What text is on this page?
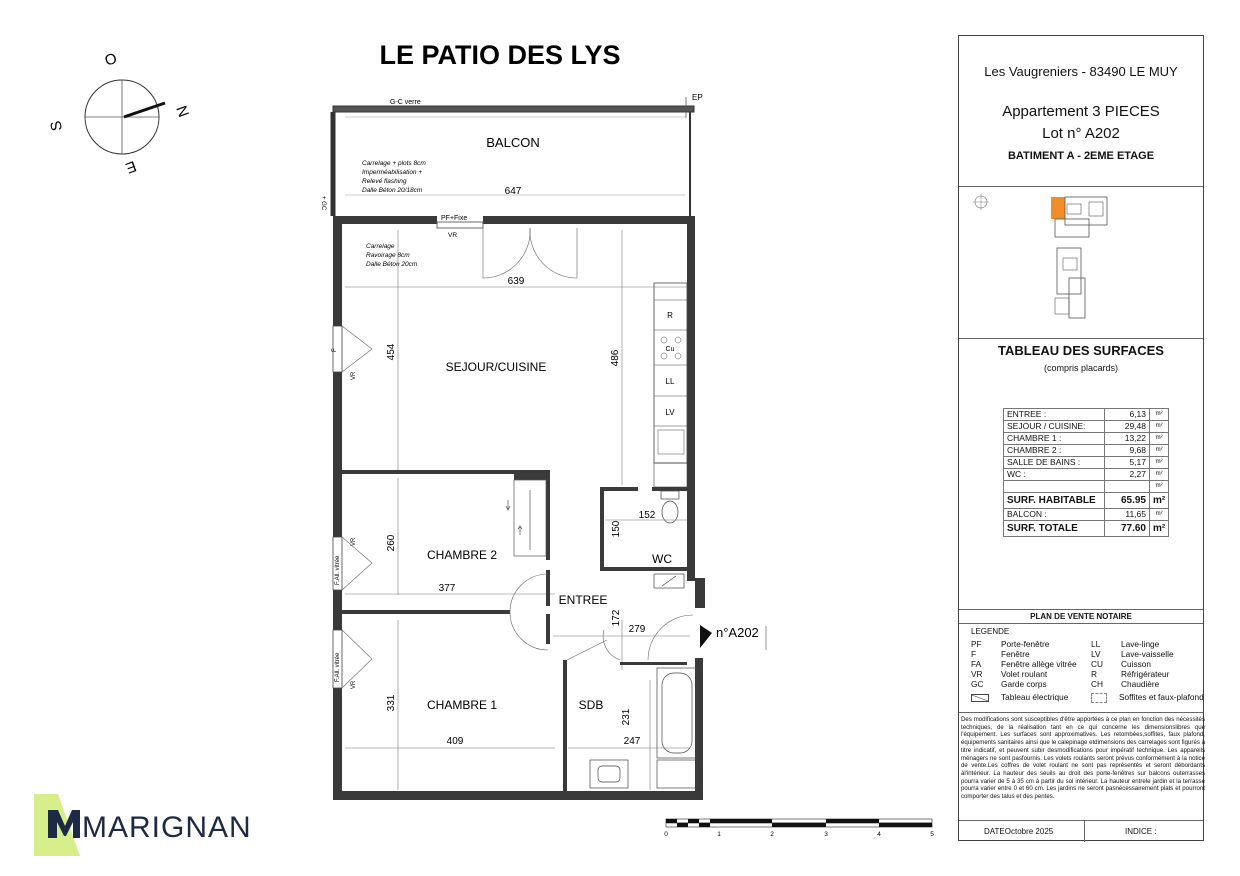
LE PATIO DES LYS
O
N
S
E
G-C verre
EP
BALCON
Carrelage + plots 8cm
Imperméabilisation +
Relevé flashing
Dalle Béton 20/18cm	647
+ GC
F
F.All. vitrée
F.All. vitrée
VR
VR
VR
PF+Fixe
VR
Carrelage
Ravoirage 8cm
Dalle Béton 20cm
R
Cu
LL
LV
SEJOUR/CUISINE
CHAMBRE 2
CHAMBRE 1
ENTREE
WC
SDB
639
454	486
260
377
331
409
152
150
172
279
231
247
n°A202
0	1	2	3	4	5
MARIGNAN
Les Vaugreniers - 83490 LE MUY
Appartement 3 PIECES
Lot n° A202
BATIMENT A - 2EME ETAGE
TABLEAU DES SURFACES
(compris placards)
ENTREE :	6,13	m²
SEJOUR / CUISINE:	29,48	m²
CHAMBRE 1 :	13,22	m²
CHAMBRE 2 :	9,68	m²
SALLE DE BAINS :	5,17	m²
WC :	2,27	m²
		m²
SURF. HABITABLE	65.95	m²
BALCON :	11,65	m²
SURF. TOTALE	77.60	m²
PLAN DE VENTE NOTAIRE
LEGENDE
PF Porte-fenêtre
F	Fenêtre
FA Fenêtre allège vitrée
VR Volet roulant
GC Garde corps
Tableau électrique
LL	Lave-linge
LV Lave-vaisselle
CU Cuisson
R	Réfrigérateur
CH Chaudière
Soffites et faux-plafond
Des modifications sont susceptibles d'être apportées à ce plan en fonction des nécessités techniques, de la réalisation tant en ce qui concerne les dimensionslibres que l'équipement. Les surfaces sont approximatives. Les retombées,soffites, faux plafond, équipements sanitaires ainsi que le calepinage etdimensions des carrelages sont figurés à titre indicatif, et peuvent subir desmodifications pour impératif technique. Les appareils ménagers ne sont pasfournis. Les volets roulants seront prévus conformément à la notice de vente.Les coffres de volet roulant ne sont pas représentés et seront débordants àl'intérieur. La hauteur des seuils au droit des porte-fenêtres sur balcons outerrasses pourra varier de 5 à 35 cm à partir du sol intérieur. La hauteur entrele jardin et la terrasse pourra varier entre 0 et 60 cm. Les jardins ne seront pasnécessairement plats et pourront comporter des talus et des pentes.
DATEOctobre 2025	INDICE :
